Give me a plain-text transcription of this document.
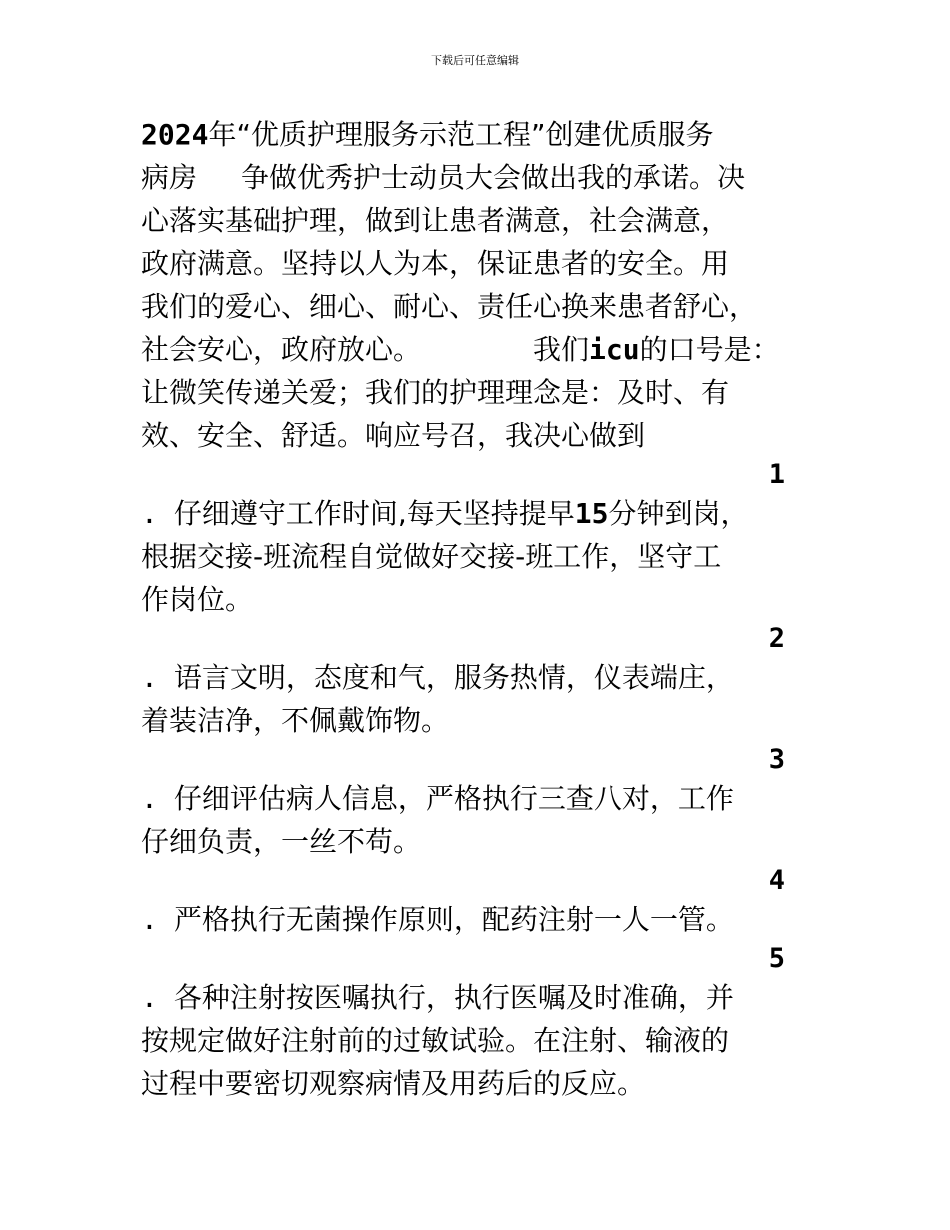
下载后可任意编辑
2024年“优质护理服务示范工程”创建优质服务
病房 争做优秀护士动员大会做出我的承诺。决
心落实基础护理，做到让患者满意，社会满意，
政府满意。坚持以人为本，保证患者的安全。用
我们的爱心、细心、耐心、责任心换来患者舒心，
社会安心，政府放心。	我们icu的口号是：
让微笑传递关爱；我们的护理理念是：及时、有
效、安全、舒适。响应号召，我决心做到
1
. 仔细遵守工作时间,每天坚持提早15分钟到岗，
根据交接-班流程自觉做好交接-班工作，坚守工
作岗位。
2
. 语言文明，态度和气，服务热情，仪表端庄，
着装洁净，不佩戴饰物。
3
. 仔细评估病人信息，严格执行三查八对，工作
仔细负责，一丝不苟。
4
. 严格执行无菌操作原则，配药注射一人一管。
5
. 各种注射按医嘱执行，执行医嘱及时准确，并
按规定做好注射前的过敏试验。在注射、输液的
过程中要密切观察病情及用药后的反应。
